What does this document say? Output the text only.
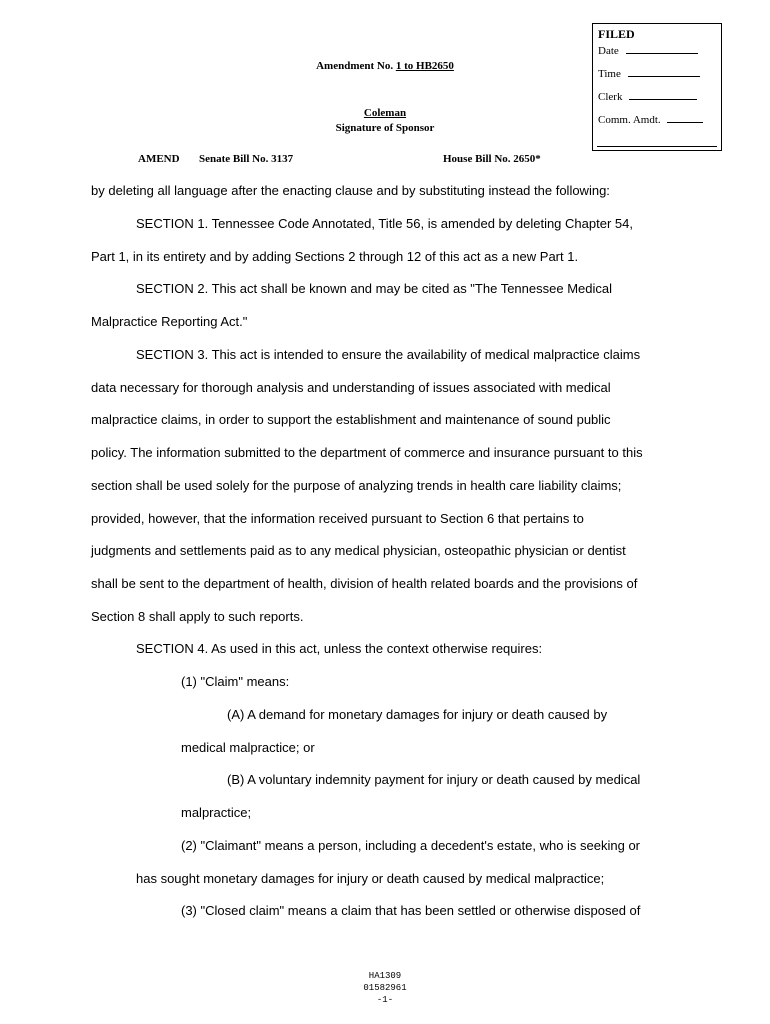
FILED
Date
Time
Clerk
Comm. Amdt.
Amendment No. 1 to HB2650
Coleman
Signature of Sponsor
AMEND Senate Bill No. 3137	House Bill No. 2650*
by deleting all language after the enacting clause and by substituting instead the following:
SECTION 1. Tennessee Code Annotated, Title 56, is amended by deleting Chapter 54,
Part 1, in its entirety and by adding Sections 2 through 12 of this act as a new Part 1.
SECTION 2. This act shall be known and may be cited as "The Tennessee Medical
Malpractice Reporting Act."
SECTION 3. This act is intended to ensure the availability of medical malpractice claims
data necessary for thorough analysis and understanding of issues associated with medical
malpractice claims, in order to support the establishment and maintenance of sound public
policy. The information submitted to the department of commerce and insurance pursuant to this
section shall be used solely for the purpose of analyzing trends in health care liability claims;
provided, however, that the information received pursuant to Section 6 that pertains to
judgments and settlements paid as to any medical physician, osteopathic physician or dentist
shall be sent to the department of health, division of health related boards and the provisions of
Section 8 shall apply to such reports.
SECTION 4. As used in this act, unless the context otherwise requires:
(1) "Claim" means:
(A) A demand for monetary damages for injury or death caused by
medical malpractice; or
(B) A voluntary indemnity payment for injury or death caused by medical
malpractice;
(2) "Claimant" means a person, including a decedent's estate, who is seeking or
has sought monetary damages for injury or death caused by medical malpractice;
(3) "Closed claim" means a claim that has been settled or otherwise disposed of
HA1309
01582961
-1-
